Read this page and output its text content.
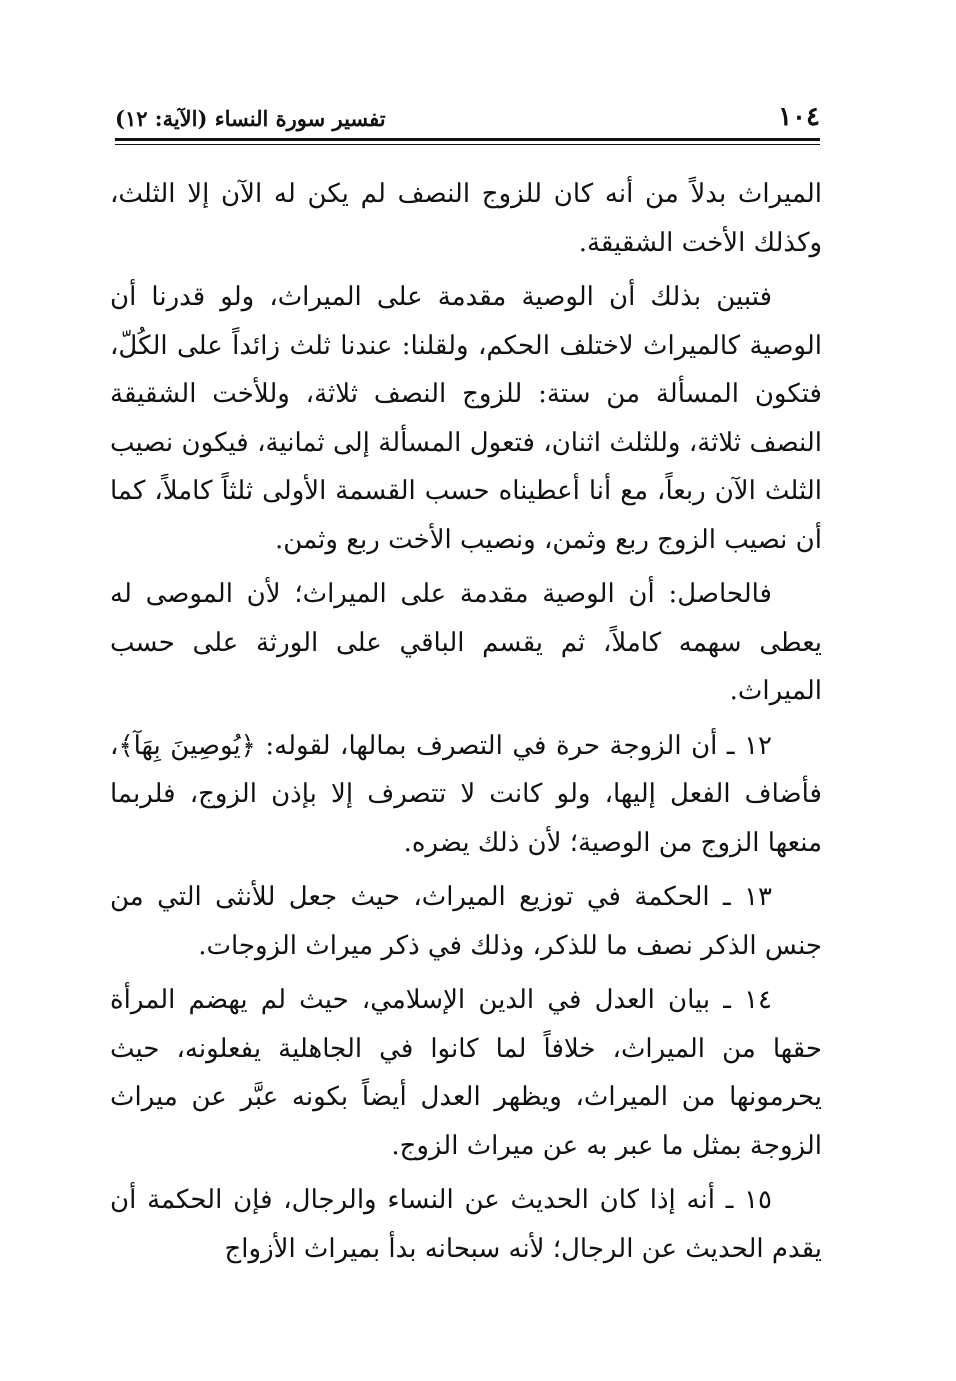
١٠٤
تفسير سورة النساء (الآية: ١٢)

الميراث بدلاً من أنه كان للزوج النصف لم يكن له الآن إلا الثلث، وكذلك الأخت الشقيقة.

فتبين بذلك أن الوصية مقدمة على الميراث، ولو قدرنا أن الوصية كالميراث لاختلف الحكم، ولقلنا: عندنا ثلث زائداً على الكُلّ، فتكون المسألة من ستة: للزوج النصف ثلاثة، وللأخت الشقيقة النصف ثلاثة، وللثلث اثنان، فتعول المسألة إلى ثمانية، فيكون نصيب الثلث الآن ربعاً، مع أنا أعطيناه حسب القسمة الأولى ثلثاً كاملاً، كما أن نصيب الزوج ربع وثمن، ونصيب الأخت ربع وثمن.

فالحاصل: أن الوصية مقدمة على الميراث؛ لأن الموصى له يعطى سهمه كاملاً، ثم يقسم الباقي على الورثة على حسب الميراث.

١٢ ـ أن الزوجة حرة في التصرف بمالها، لقوله: ﴿يُوصِينَ بِهَآ﴾، فأضاف الفعل إليها، ولو كانت لا تتصرف إلا بإذن الزوج، فلربما منعها الزوج من الوصية؛ لأن ذلك يضره.

١٣ ـ الحكمة في توزيع الميراث، حيث جعل للأنثى التي من جنس الذكر نصف ما للذكر، وذلك في ذكر ميراث الزوجات.

١٤ ـ بيان العدل في الدين الإسلامي، حيث لم يهضم المرأة حقها من الميراث، خلافاً لما كانوا في الجاهلية يفعلونه، حيث يحرمونها من الميراث، ويظهر العدل أيضاً بكونه عبَّر عن ميراث الزوجة بمثل ما عبر به عن ميراث الزوج.

١٥ ـ أنه إذا كان الحديث عن النساء والرجال، فإن الحكمة أن يقدم الحديث عن الرجال؛ لأنه سبحانه بدأ بميراث الأزواج
